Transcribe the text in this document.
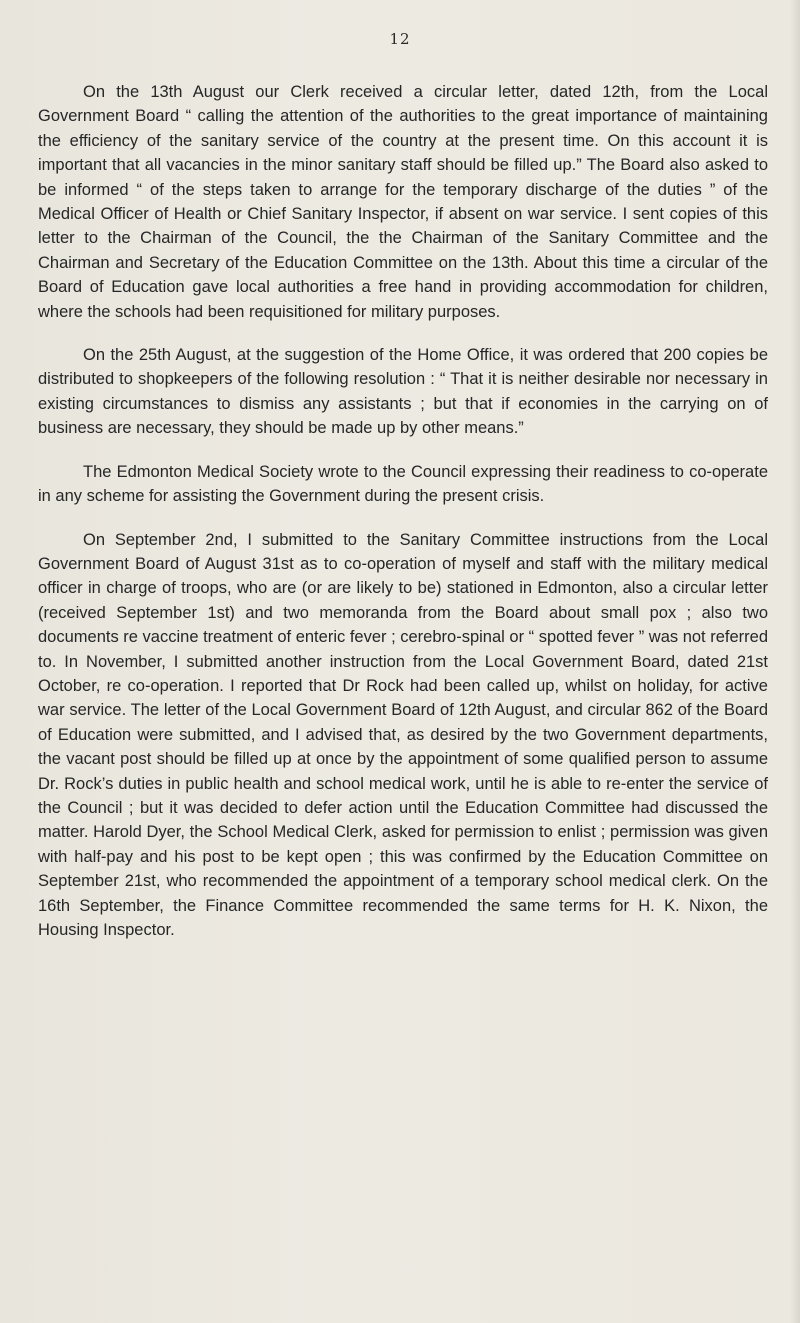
12

On the 13th August our Clerk received a circular letter, dated 12th, from the Local Government Board “ calling the attention of the authorities to the great importance of maintaining the efficiency of the sanitary service of the country at the present time. On this account it is important that all vacancies in the minor sanitary staff should be filled up.” The Board also asked to be informed “ of the steps taken to arrange for the temporary discharge of the duties ” of the Medical Officer of Health or Chief Sanitary Inspector, if absent on war service. I sent copies of this letter to the Chairman of the Council, the the Chairman of the Sanitary Committee and the Chairman and Secretary of the Education Committee on the 13th. About this time a circular of the Board of Education gave local authorities a free hand in providing accommodation for children, where the schools had been requisitioned for military purposes.

On the 25th August, at the suggestion of the Home Office, it was ordered that 200 copies be distributed to shopkeepers of the following resolution : “ That it is neither desirable nor necessary in existing circumstances to dismiss any assistants ; but that if economies in the carrying on of business are necessary, they should be made up by other means.”

The Edmonton Medical Society wrote to the Council expressing their readiness to co-operate in any scheme for assisting the Government during the present crisis.

On September 2nd, I submitted to the Sanitary Committee instructions from the Local Government Board of August 31st as to co-operation of myself and staff with the military medical officer in charge of troops, who are (or are likely to be) stationed in Edmonton, also a circular letter (received September 1st) and two memoranda from the Board about small pox ; also two documents re vaccine treatment of enteric fever ; cerebro-spinal or “ spotted fever ” was not referred to. In November, I submitted another instruction from the Local Government Board, dated 21st October, re co-operation. I reported that Dr Rock had been called up, whilst on holiday, for active war service. The letter of the Local Government Board of 12th August, and circular 862 of the Board of Education were submitted, and I advised that, as desired by the two Government departments, the vacant post should be filled up at once by the appointment of some qualified person to assume Dr. Rock’s duties in public health and school medical work, until he is able to re-enter the service of the Council ; but it was decided to defer action until the Education Committee had discussed the matter. Harold Dyer, the School Medical Clerk, asked for permission to enlist ; permission was given with half-pay and his post to be kept open ; this was confirmed by the Education Committee on September 21st, who recommended the appointment of a temporary school medical clerk. On the 16th September, the Finance Committee recommended the same terms for H. K. Nixon, the Housing Inspector.
